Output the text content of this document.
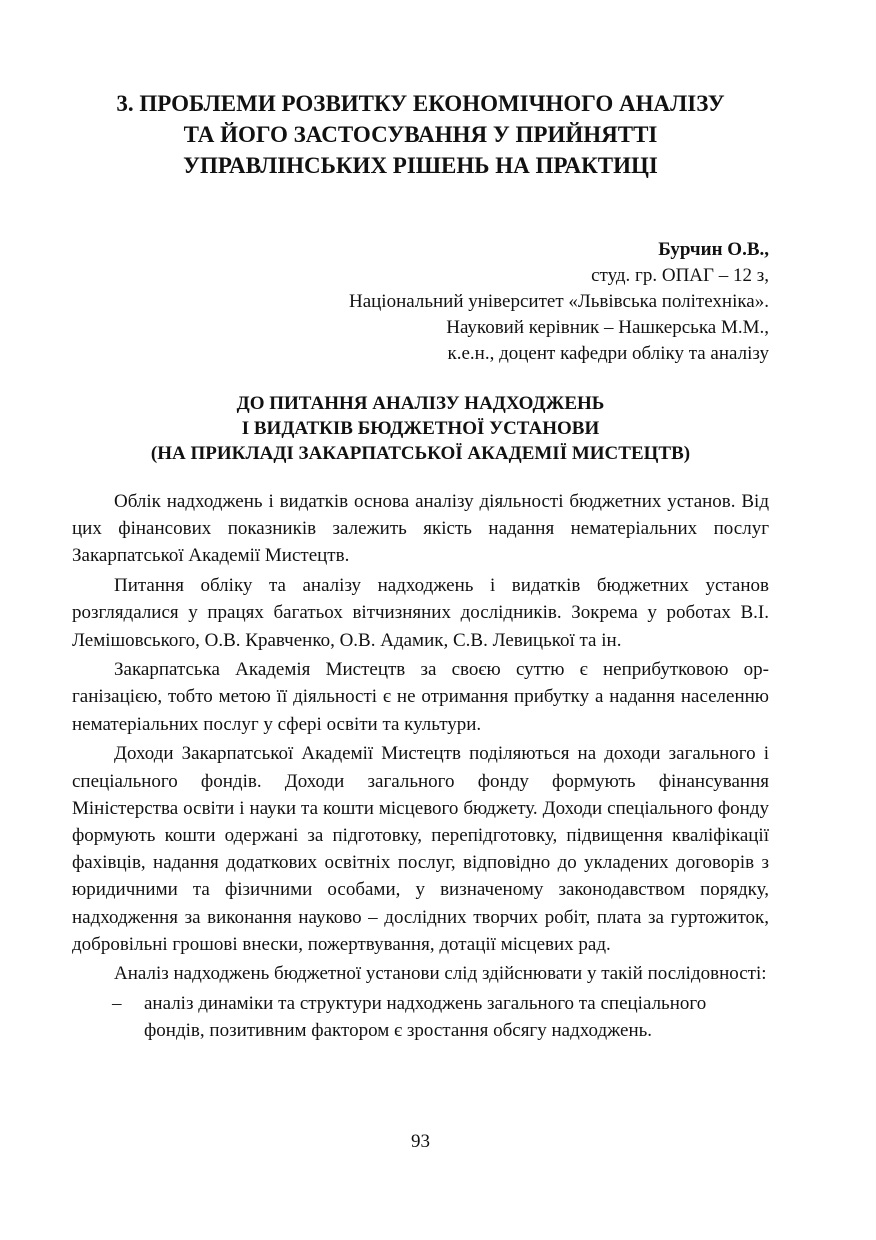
3. ПРОБЛЕМИ РОЗВИТКУ ЕКОНОМІЧНОГО АНАЛІЗУ
ТА ЙОГО ЗАСТОСУВАННЯ У ПРИЙНЯТТІ
УПРАВЛІНСЬКИХ РІШЕНЬ НА ПРАКТИЦІ
Бурчин О.В.,
студ. гр. ОПАГ – 12 з,
Національний університет «Львівська політехніка».
Науковий керівник – Нашкерська М.М.,
к.е.н., доцент кафедри обліку та аналізу
ДО ПИТАННЯ АНАЛІЗУ НАДХОДЖЕНЬ
І ВИДАТКІВ БЮДЖЕТНОЇ УСТАНОВИ
(НА ПРИКЛАДІ ЗАКАРПАТСЬКОЇ АКАДЕМІЇ МИСТЕЦТВ)

Облік надходжень і видатків основа аналізу діяльності бюджетних установ. Від цих фінансових показників залежить якість надання нематеріальних послуг Закарпатської Академії Мистецтв.

Питання обліку та аналізу надходжень і видатків бюджетних установ розглядалися у працях багатьох вітчизняних дослідників. Зокрема у роботах В.І. Лемішовського, О.В. Кравченко, О.В. Адамик, С.В. Левицької та ін.

Закарпатська Академія Мистецтв за своєю суттю є неприбутковою організацією, тобто метою її діяльності є не отримання прибутку а надання населенню нематеріальних послуг у сфері освіти та культури.

Доходи Закарпатської Академії Мистецтв поділяються на доходи загального і спеціального фондів. Доходи загального фонду формують фінансування Міністерства освіти і науки та кошти місцевого бюджету. Доходи спеціального фонду формують кошти одержані за підготовку, перепідготовку, підвищення кваліфікації фахівців, надання додаткових освітніх послуг, відповідно до укладених договорів з юридичними та фізичними особами, у визначеному законодавством порядку, надходження за виконання науково – дослідних творчих робіт, плата за гуртожиток, добровільні грошові внески, пожертвування, дотації місцевих рад.

Аналіз надходжень бюджетної установи слід здійснювати у такій послідовності:

– аналіз динаміки та структури надходжень загального та спеціального фондів, позитивним фактором є зростання обсягу надходжень.

93
